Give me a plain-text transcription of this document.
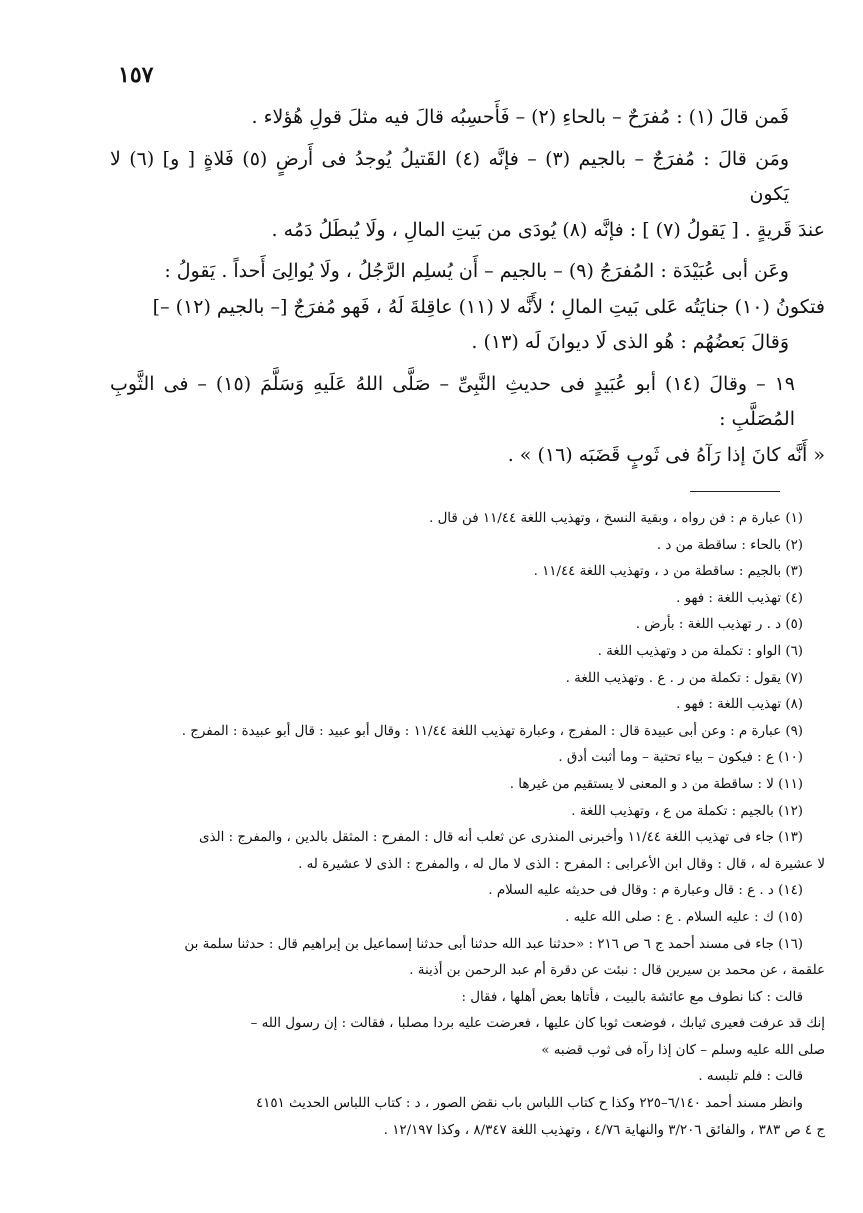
١٥٧

فَمن قالَ (١) : مُفرَحٌ – بالحاءِ (٢) – فَأَحسِبُه قالَ فيه مثلَ قولِ هُؤلاء .

ومَن قالَ : مُفرَجٌ – بالجيم (٣) – فإنَّه (٤) القَتيلُ يُوجدُ فى أَرضٍ (٥) فَلاةٍ [ و] (٦) لا يَكون

عندَ قَريةٍ . [ يَقولُ (٧) ] : فإنَّه (٨) يُودَى من بَيتِ المالِ ، ولَا يُبطَلُ دَمُه .

وعَن أبى عُبَيْدَة : المُفرَجُ (٩) – بالجيم – أَن يُسلِم الرَّجُلُ ، ولَا يُوالِىَ أَحداً . يَقولُ :

فتكونُ (١٠) جنايَتُه عَلى بَيتِ المالِ ؛ لأَنَّه لا (١١) عاقِلةَ لَهُ ، فَهو مُفرَجٌ [– بالجيم (١٢) –]

وَقالَ بَعضُهُم : هُو الذى لَا ديوانَ لَه (١٣) .

١٩ – وقالَ (١٤) أبو عُبَيدٍ فى حديثِ النَّبِىِّ – صَلَّى اللهُ عَلَيهِ وَسَلَّمَ (١٥) – فى الثَّوبِ المُصَلَّبِ :

« أَنَّه كانَ إذا رَآهُ فى ثَوبٍ قَضَبَه (١٦) » .

(١) عبارة م : فن رواه ، وبقية النسخ ، وتهذيب اللغة ١١/٤٤ فن قال .

(٢) بالحاء : ساقطة من د .

(٣) بالجيم : ساقطة من د ، وتهذيب اللغة ١١/٤٤ .

(٤) تهذيب اللغة : فهو .

(٥) د . ر تهذيب اللغة : بأرض .

(٦) الواو : تكملة من د وتهذيب اللغة .

(٧) يقول : تكملة من ر . ع . وتهذيب اللغة .

(٨) تهذيب اللغة : فهو .

(٩) عبارة م : وعن أبى عبيدة قال : المفرج ، وعبارة تهذيب اللغة ١١/٤٤ : وقال أبو عبيد : قال أبو عبيدة : المفرج .

(١٠) ع : فيكون – بياء تحتية – وما أثبت أدق .

(١١) لا : ساقطة من د و المعنى لا يستقيم من غيرها .

(١٢) بالجيم : تكملة من ع ، وتهذيب اللغة .

(١٣) جاء فى تهذيب اللغة ١١/٤٤ وأخبرنى المنذرى عن ثعلب أنه قال : المفرح : المثقل بالدين ، والمفرج : الذى

لا عشيرة له ، قال : وقال ابن الأعرابى : المفرح : الذى لا مال له ، والمفرج : الذى لا عشيرة له .

(١٤) د . ع : قال وعبارة م : وقال فى حديثه عليه السلام .

(١٥) ك : عليه السلام . ع : صلى الله عليه .

(١٦) جاء فى مسند أحمد ج ٦ ص ٢١٦ : «حدثنا عبد الله حدثنا أبى حدثنا إسماعيل بن إبراهيم قال : حدثنا سلمة بن

علقمة ، عن محمد بن سيرين قال : نبئت عن دقرة أم عبد الرحمن بن أذينة .

قالت : كنا نطوف مع عائشة بالبيت ، فأتاها بعض أهلها ، فقال :

إنك قد عرفت فعيرى ثيابك ، فوضعت ثوبا كان عليها ، فعرضت عليه بردا مصلبا ، فقالت : إن رسول الله –

صلى الله عليه وسلم – كان إذا رآه فى ثوب قضبه »

قالت : فلم تلبسه .

وانظر مسند أحمد ٦/١٤٠–٢٢٥ وكذا ح كتاب اللباس باب نقض الصور ، د : كتاب اللباس الحديث ٤١٥١

ج ٤ ص ٣٨٣ ، والفائق ٣/٢٠٦ والنهاية ٤/٧٦ ، وتهذيب اللغة ٨/٣٤٧ ، وكذا ١٢/١٩٧ .
